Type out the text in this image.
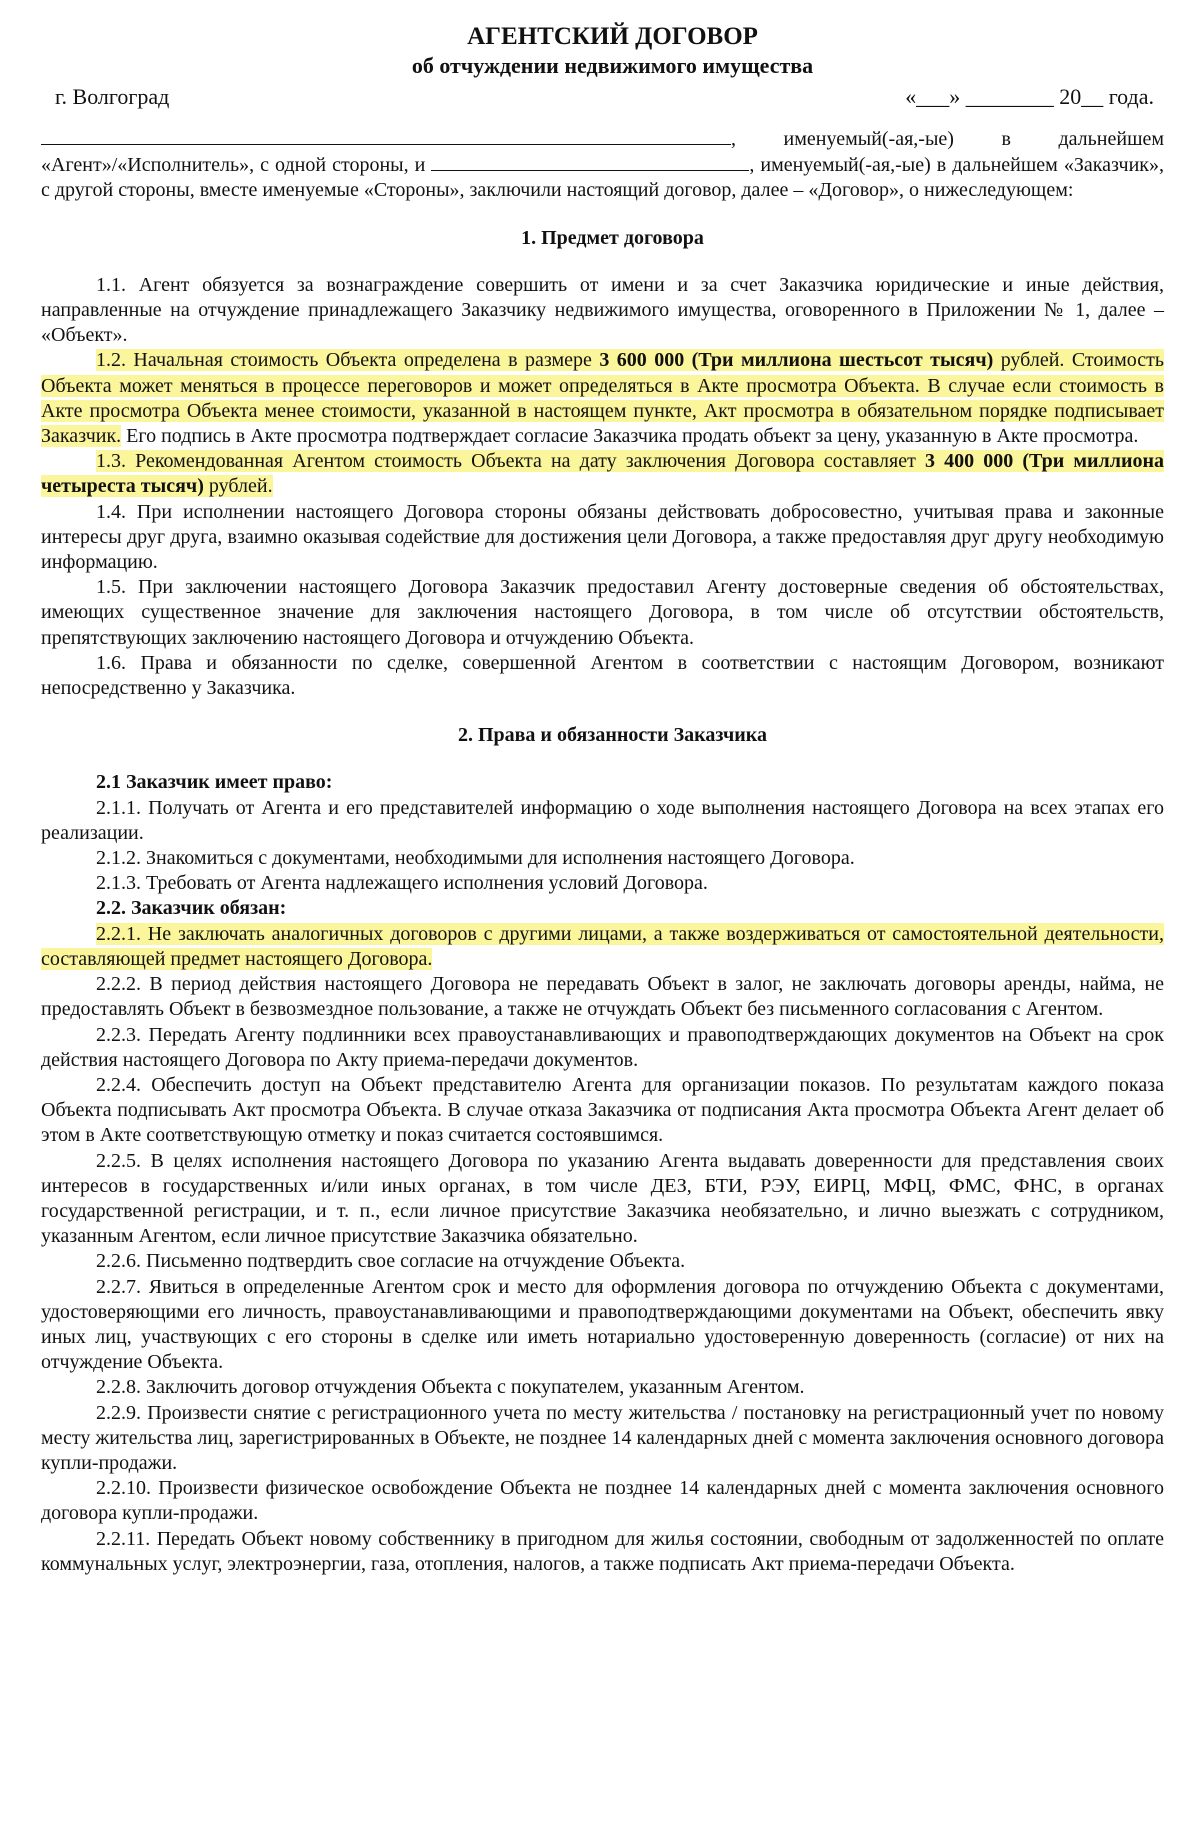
АГЕНТСКИЙ ДОГОВОР
об отчуждении недвижимого имущества
г. Волгоград	«___» ________ 20__ года.

, именуемый(-ая,-ые) в дальнейшем «Агент»/«Исполнитель», с одной стороны, и	, именуемый(-ая,-ые) в дальнейшем «Заказчик», с другой стороны, вместе именуемые «Стороны», заключили настоящий договор, далее – «Договор», о нижеследующем:

1. Предмет договора

1.1. Агент обязуется за вознаграждение совершить от имени и за счет Заказчика юридические и иные действия, направленные на отчуждение принадлежащего Заказчику недвижимого имущества, оговоренного в Приложении № 1, далее – «Объект».

1.2. Начальная стоимость Объекта определена в размере 3 600 000 (Три миллиона шестьсот тысяч) рублей. Стоимость Объекта может меняться в процессе переговоров и может определяться в Акте просмотра Объекта. В случае если стоимость в Акте просмотра Объекта менее стоимости, указанной в настоящем пункте, Акт просмотра в обязательном порядке подписывает Заказчик. Его подпись в Акте просмотра подтверждает согласие Заказчика продать объект за цену, указанную в Акте просмотра.

1.3. Рекомендованная Агентом стоимость Объекта на дату заключения Договора составляет 3 400 000 (Три миллиона четыреста тысяч) рублей.

1.4. При исполнении настоящего Договора стороны обязаны действовать добросовестно, учитывая права и законные интересы друг друга, взаимно оказывая содействие для достижения цели Договора, а также предоставляя друг другу необходимую информацию.

1.5. При заключении настоящего Договора Заказчик предоставил Агенту достоверные сведения об обстоятельствах, имеющих существенное значение для заключения настоящего Договора, в том числе об отсутствии обстоятельств, препятствующих заключению настоящего Договора и отчуждению Объекта.

1.6. Права и обязанности по сделке, совершенной Агентом в соответствии с настоящим Договором, возникают непосредственно у Заказчика.

2. Права и обязанности Заказчика

2.1 Заказчик имеет право:

2.1.1. Получать от Агента и его представителей информацию о ходе выполнения настоящего Договора на всех этапах его реализации.

2.1.2. Знакомиться с документами, необходимыми для исполнения настоящего Договора.

2.1.3. Требовать от Агента надлежащего исполнения условий Договора.

2.2. Заказчик обязан:

2.2.1. Не заключать аналогичных договоров с другими лицами, а также воздерживаться от самостоятельной деятельности, составляющей предмет настоящего Договора.

2.2.2. В период действия настоящего Договора не передавать Объект в залог, не заключать договоры аренды, найма, не предоставлять Объект в безвозмездное пользование, а также не отчуждать Объект без письменного согласования с Агентом.

2.2.3. Передать Агенту подлинники всех правоустанавливающих и правоподтверждающих документов на Объект на срок действия настоящего Договора по Акту приема-передачи документов.

2.2.4. Обеспечить доступ на Объект представителю Агента для организации показов. По результатам каждого показа Объекта подписывать Акт просмотра Объекта. В случае отказа Заказчика от подписания Акта просмотра Объекта Агент делает об этом в Акте соответствующую отметку и показ считается состоявшимся.

2.2.5. В целях исполнения настоящего Договора по указанию Агента выдавать доверенности для представления своих интересов в государственных и/или иных органах, в том числе ДЕЗ, БТИ, РЭУ, ЕИРЦ, МФЦ, ФМС, ФНС, в органах государственной регистрации, и т. п., если личное присутствие Заказчика необязательно, и лично выезжать с сотрудником, указанным Агентом, если личное присутствие Заказчика обязательно.

2.2.6. Письменно подтвердить свое согласие на отчуждение Объекта.

2.2.7. Явиться в определенные Агентом срок и место для оформления договора по отчуждению Объекта с документами, удостоверяющими его личность, правоустанавливающими и правоподтверждающими документами на Объект, обеспечить явку иных лиц, участвующих с его стороны в сделке или иметь нотариально удостоверенную доверенность (согласие) от них на отчуждение Объекта.

2.2.8. Заключить договор отчуждения Объекта с покупателем, указанным Агентом.

2.2.9. Произвести снятие с регистрационного учета по месту жительства / постановку на регистрационный учет по новому месту жительства лиц, зарегистрированных в Объекте, не позднее 14 календарных дней с момента заключения основного договора купли-продажи.

2.2.10. Произвести физическое освобождение Объекта не позднее 14 календарных дней с момента заключения основного договора купли-продажи.

2.2.11. Передать Объект новому собственнику в пригодном для жилья состоянии, свободным от задолженностей по оплате коммунальных услуг, электроэнергии, газа, отопления, налогов, а также подписать Акт приема-передачи Объекта.
